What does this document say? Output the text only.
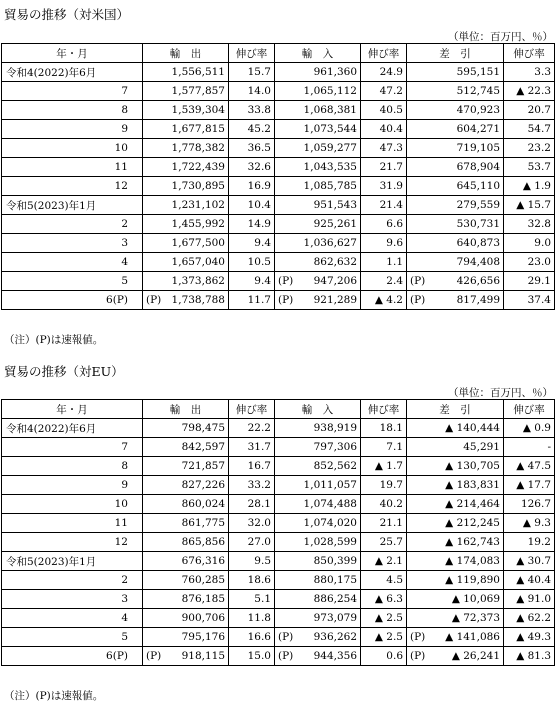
貿易の推移（対米国）
（単位：百万円、％）
年・月	輸　出	伸び率	輸　入	伸び率	差　引	伸び率
令和4(2022)年6月	1,556,511	15.7	961,360	24.9	595,151	3.3
7	1,577,857	14.0	1,065,112	47.2	512,745	▲ 22.3
8	1,539,304	33.8	1,068,381	40.5	470,923	20.7
9	1,677,815	45.2	1,073,544	40.4	604,271	54.7
10	1,778,382	36.5	1,059,277	47.3	719,105	23.2
11	1,722,439	32.6	1,043,535	21.7	678,904	53.7
12	1,730,895	16.9	1,085,785	31.9	645,110	▲ 1.9
令和5(2023)年1月	1,231,102	10.4	951,543	21.4	279,559	▲ 15.7
2	1,455,992	14.9	925,261	6.6	530,731	32.8
3	1,677,500	9.4	1,036,627	9.6	640,873	9.0
4	1,657,040	10.5	862,632	1.1	794,408	23.0
5	1,373,862	9.4	(P) 947,206	2.4	(P) 426,656	29.1
6(P)	(P) 1,738,788	11.7	(P) 921,289	▲ 4.2	(P) 817,499	37.4
（注）(P)は速報値。
貿易の推移（対EU）
（単位：百万円、％）
年・月	輸　出	伸び率	輸　入	伸び率	差　引	伸び率
令和4(2022)年6月	798,475	22.2	938,919	18.1	▲ 140,444	▲ 0.9
7	842,597	31.7	797,306	7.1	45,291	-
8	721,857	16.7	852,562	▲ 1.7	▲ 130,705	▲ 47.5
9	827,226	33.2	1,011,057	19.7	▲ 183,831	▲ 17.7
10	860,024	28.1	1,074,488	40.2	▲ 214,464	126.7
11	861,775	32.0	1,074,020	21.1	▲ 212,245	▲ 9.3
12	865,856	27.0	1,028,599	25.7	▲ 162,743	19.2
令和5(2023)年1月	676,316	9.5	850,399	▲ 2.1	▲ 174,083	▲ 30.7
2	760,285	18.6	880,175	4.5	▲ 119,890	▲ 40.4
3	876,185	5.1	886,254	▲ 6.3	▲ 10,069	▲ 91.0
4	900,706	11.8	973,079	▲ 2.5	▲ 72,373	▲ 62.2
5	795,176	16.6	(P) 936,262	▲ 2.5	(P) ▲ 141,086	▲ 49.3
6(P)	(P) 918,115	15.0	(P) 944,356	0.6	(P) ▲ 26,241	▲ 81.3
（注）(P)は速報値。
